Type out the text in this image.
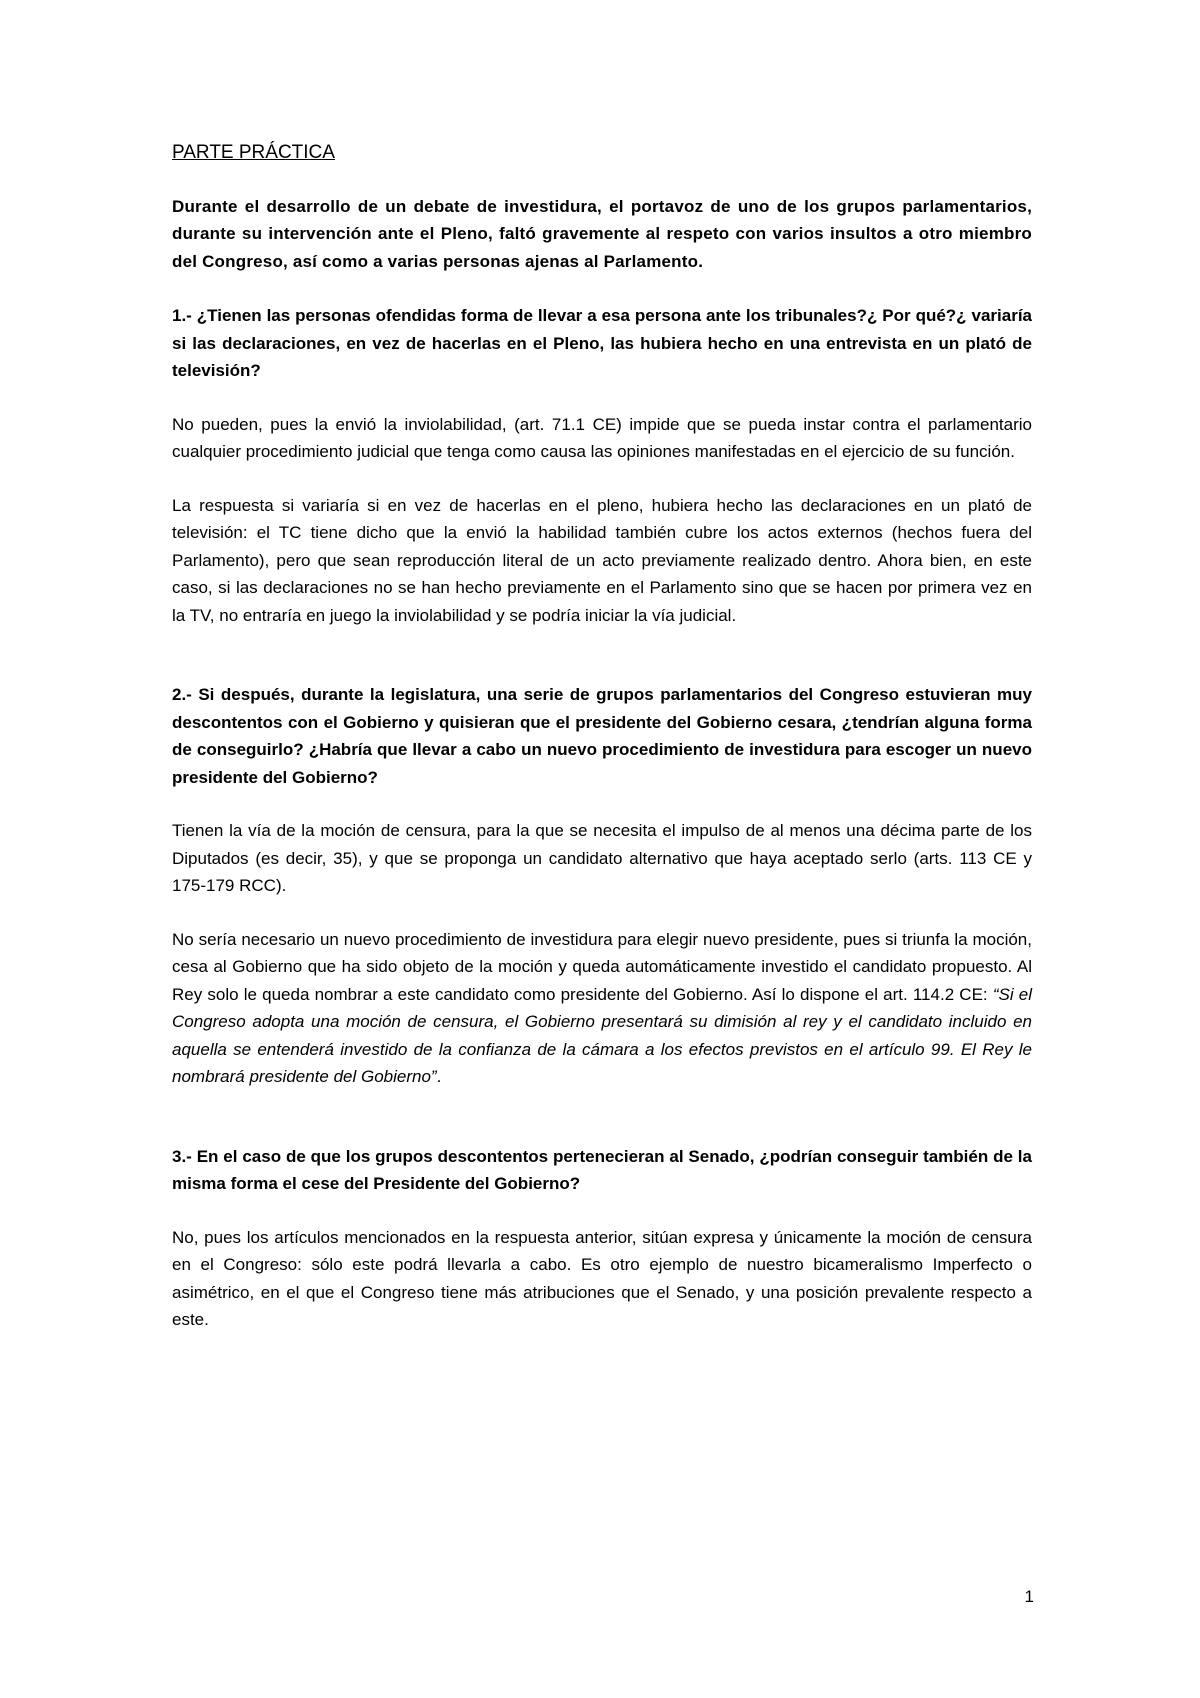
PARTE PRÁCTICA

Durante el desarrollo de un debate de investidura, el portavoz de uno de los grupos parlamentarios, durante su intervención ante el Pleno, faltó gravemente al respeto con varios insultos a otro miembro del Congreso, así como a varias personas ajenas al Parlamento.

1.- ¿Tienen las personas ofendidas forma de llevar a esa persona ante los tribunales?¿ Por qué?¿ variaría si las declaraciones, en vez de hacerlas en el Pleno, las hubiera hecho en una entrevista en un plató de televisión?

No pueden, pues la envió la inviolabilidad, (art. 71.1 CE) impide que se pueda instar contra el parlamentario cualquier procedimiento judicial que tenga como causa las opiniones manifestadas en el ejercicio de su función.

La respuesta si variaría si en vez de hacerlas en el pleno, hubiera hecho las declaraciones en un plató de televisión: el TC tiene dicho que la envió la habilidad también cubre los actos externos (hechos fuera del Parlamento), pero que sean reproducción literal de un acto previamente realizado dentro. Ahora bien, en este caso, si las declaraciones no se han hecho previamente en el Parlamento sino que se hacen por primera vez en la TV, no entraría en juego la inviolabilidad y se podría iniciar la vía judicial.

2.- Si después, durante la legislatura, una serie de grupos parlamentarios del Congreso estuvieran muy descontentos con el Gobierno y quisieran que el presidente del Gobierno cesara, ¿tendrían alguna forma de conseguirlo? ¿Habría que llevar a cabo un nuevo procedimiento de investidura para escoger un nuevo presidente del Gobierno?

Tienen la vía de la moción de censura, para la que se necesita el impulso de al menos una décima parte de los Diputados (es decir, 35), y que se proponga un candidato alternativo que haya aceptado serlo (arts. 113 CE y 175-179 RCC).

No sería necesario un nuevo procedimiento de investidura para elegir nuevo presidente, pues si triunfa la moción, cesa al Gobierno que ha sido objeto de la moción y queda automáticamente investido el candidato propuesto. Al Rey solo le queda nombrar a este candidato como presidente del Gobierno. Así lo dispone el art. 114.2 CE: “Si el Congreso adopta una moción de censura, el Gobierno presentará su dimisión al rey y el candidato incluido en aquella se entenderá investido de la confianza de la cámara a los efectos previstos en el artículo 99. El Rey le nombrará presidente del Gobierno”.

3.- En el caso de que los grupos descontentos pertenecieran al Senado, ¿podrían conseguir también de la misma forma el cese del Presidente del Gobierno?

No, pues los artículos mencionados en la respuesta anterior, sitúan expresa y únicamente la moción de censura en el Congreso: sólo este podrá llevarla a cabo. Es otro ejemplo de nuestro bicameralismo Imperfecto o asimétrico, en el que el Congreso tiene más atribuciones que el Senado, y una posición prevalente respecto a este.

1
